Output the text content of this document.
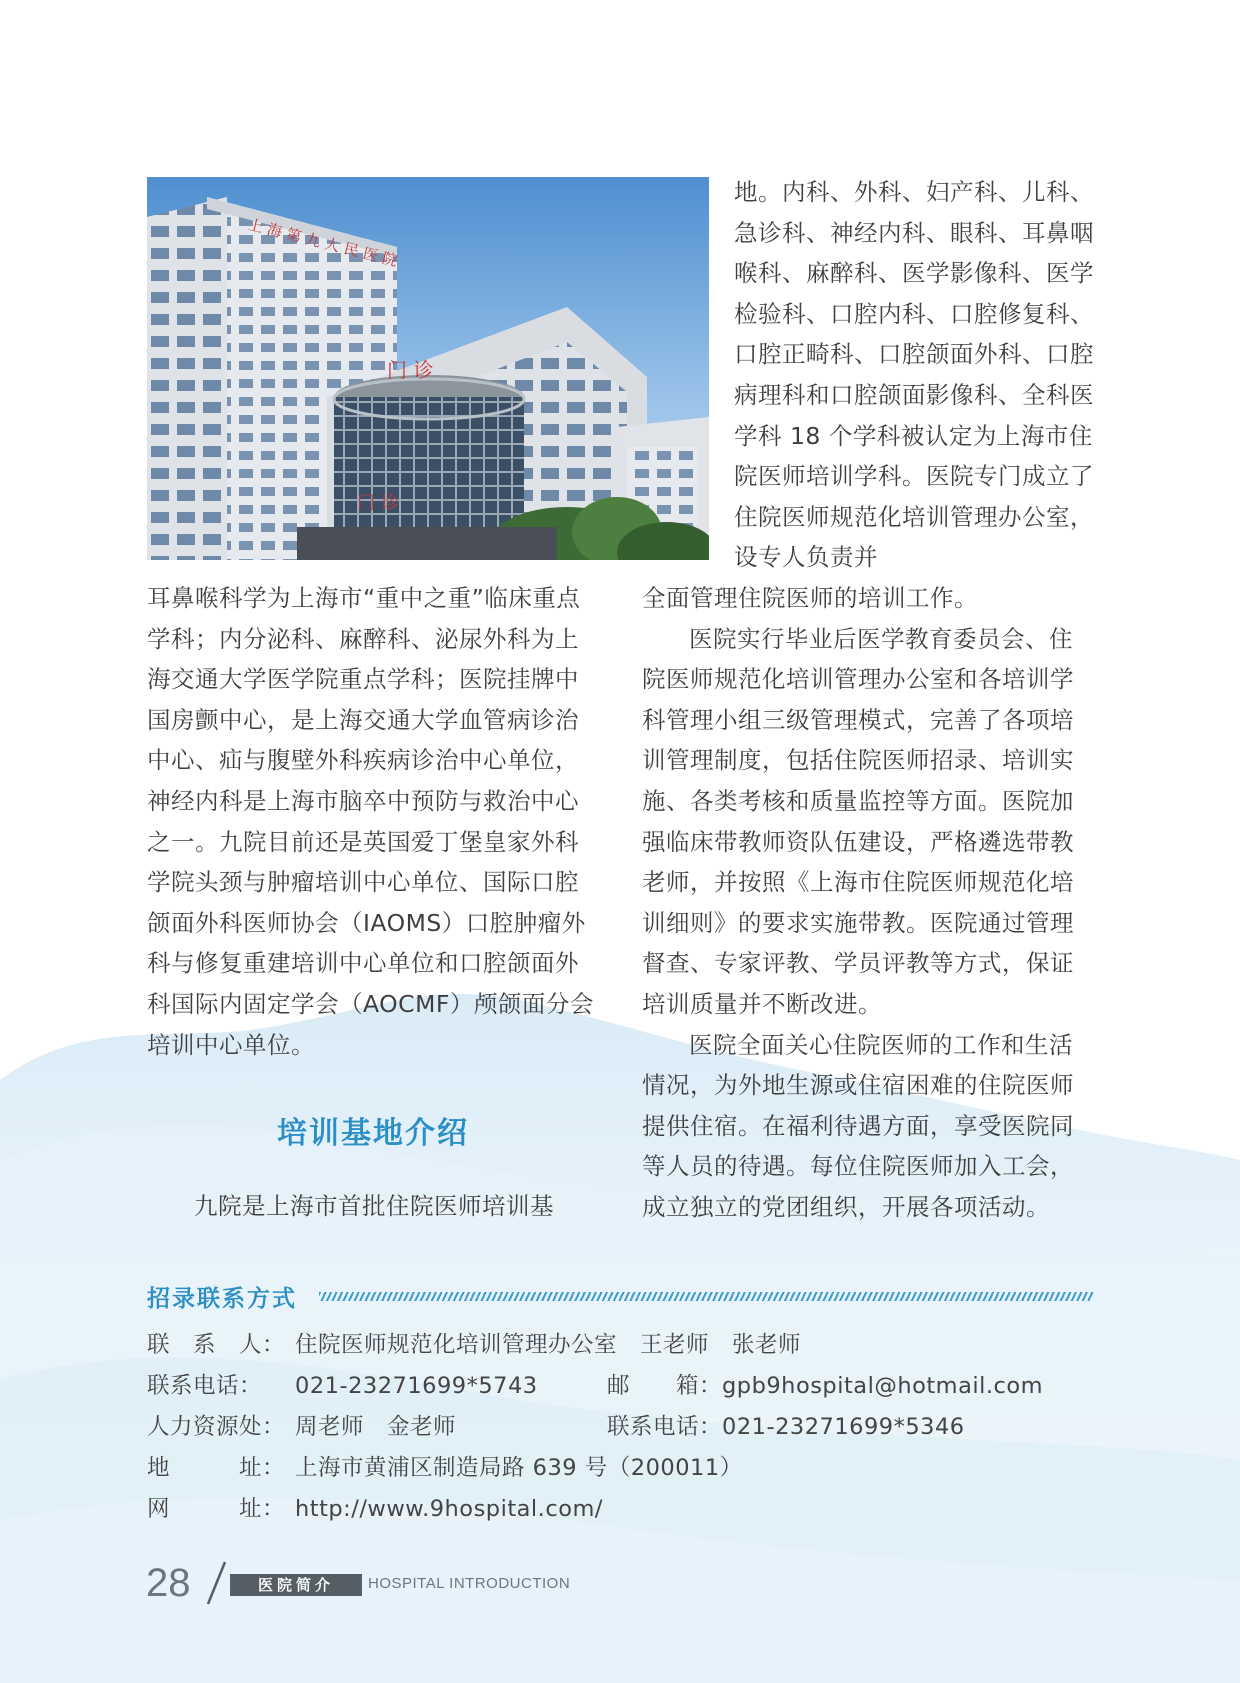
上 海 第 九 人 民 医 院
门 诊
门 诊

地。内科、外科、妇产科、儿科、急诊科、神经内科、眼科、耳鼻咽喉科、麻醉科、医学影像科、医学检验科、口腔内科、口腔修复科、口腔正畸科、口腔颌面外科、口腔病理科和口腔颌面影像科、全科医学科 18 个学科被认定为上海市住院医师培训学科。医院专门成立了住院医师规范化培训管理办公室，设专人负责并

耳鼻喉科学为上海市“重中之重”临床重点学科；内分泌科、麻醉科、泌尿外科为上海交通大学医学院重点学科；医院挂牌中国房颤中心，是上海交通大学血管病诊治中心、疝与腹壁外科疾病诊治中心单位，神经内科是上海市脑卒中预防与救治中心之一。九院目前还是英国爱丁堡皇家外科学院头颈与肿瘤培训中心单位、国际口腔颌面外科医师协会（IAOMS）口腔肿瘤外科与修复重建培训中心单位和口腔颌面外科国际内固定学会（AOCMF）颅颌面分会培训中心单位。

培训基地介绍

九院是上海市首批住院医师培训基

全面管理住院医师的培训工作。

医院实行毕业后医学教育委员会、住院医师规范化培训管理办公室和各培训学科管理小组三级管理模式，完善了各项培训管理制度，包括住院医师招录、培训实施、各类考核和质量监控等方面。医院加强临床带教师资队伍建设，严格遴选带教老师，并按照《上海市住院医师规范化培训细则》的要求实施带教。医院通过管理督查、专家评教、学员评教等方式，保证培训质量并不断改进。

医院全面关心住院医师的工作和生活情况，为外地生源或住宿困难的住院医师提供住宿。在福利待遇方面，享受医院同等人员的待遇。每位住院医师加入工会，成立独立的党团组织，开展各项活动。

招录联系方式
联　系　人： 住院医师规范化培训管理办公室　王老师　张老师
联系电话： 021-23271699*5743	邮　　箱：gpb9hospital@hotmail.com
人力资源处： 周老师　金老师	联系电话：021-23271699*5346
地　　　址： 上海市黄浦区制造局路 639 号（200011）
网　　　址： http://www.9hospital.com/
28	医院简介	HOSPITAL INTRODUCTION
